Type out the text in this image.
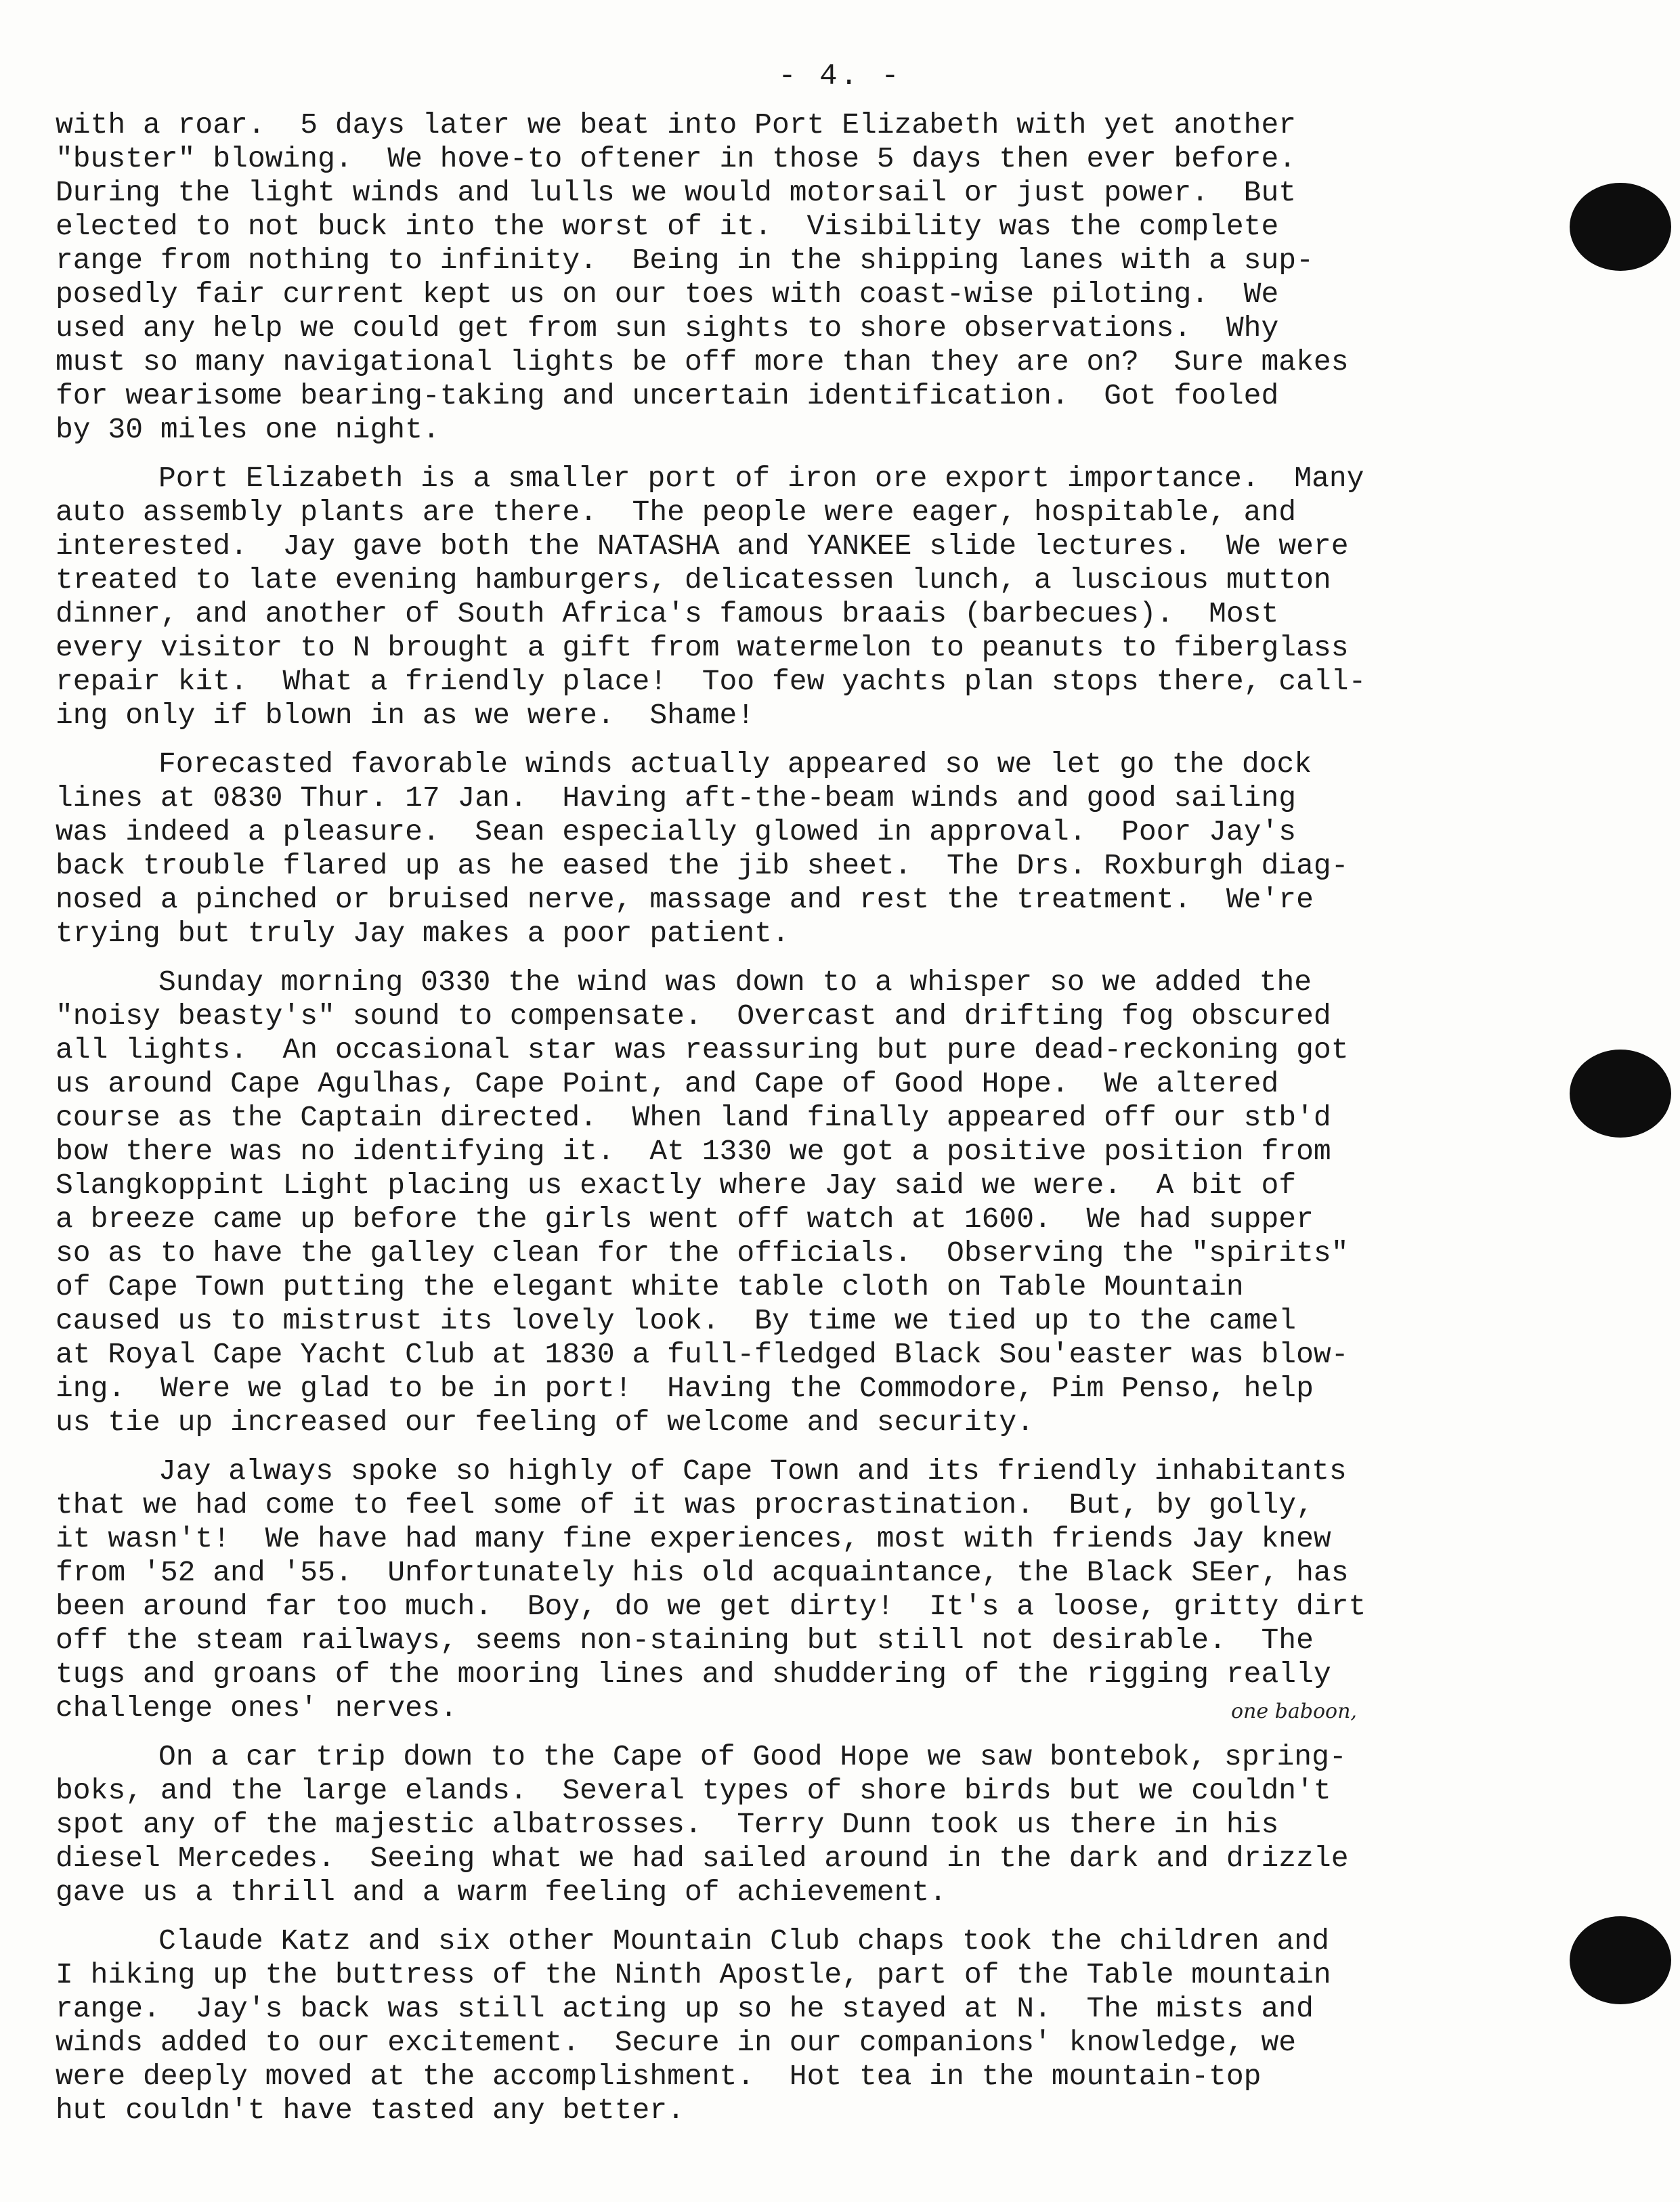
- 4. -
with a roar.  5 days later we beat into Port Elizabeth with yet another
"buster" blowing.  We hove-to oftener in those 5 days then ever before.
During the light winds and lulls we would motorsail or just power.  But
elected to not buck into the worst of it.  Visibility was the complete
range from nothing to infinity.  Being in the shipping lanes with a sup-
posedly fair current kept us on our toes with coast-wise piloting.  We
used any help we could get from sun sights to shore observations.  Why
must so many navigational lights be off more than they are on?  Sure makes
for wearisome bearing-taking and uncertain identification.  Got fooled
by 30 miles one night.
Port Elizabeth is a smaller port of iron ore export importance.  Many
auto assembly plants are there.  The people were eager, hospitable, and
interested.  Jay gave both the NATASHA and YANKEE slide lectures.  We were
treated to late evening hamburgers, delicatessen lunch, a luscious mutton
dinner, and another of South Africa's famous braais (barbecues).  Most
every visitor to N brought a gift from watermelon to peanuts to fiberglass
repair kit.  What a friendly place!  Too few yachts plan stops there, call-
ing only if blown in as we were.  Shame!
Forecasted favorable winds actually appeared so we let go the dock
lines at 0830 Thur. 17 Jan.  Having aft-the-beam winds and good sailing
was indeed a pleasure.  Sean especially glowed in approval.  Poor Jay's
back trouble flared up as he eased the jib sheet.  The Drs. Roxburgh diag-
nosed a pinched or bruised nerve, massage and rest the treatment.  We're
trying but truly Jay makes a poor patient.
Sunday morning 0330 the wind was down to a whisper so we added the
"noisy beasty's" sound to compensate.  Overcast and drifting fog obscured
all lights.  An occasional star was reassuring but pure dead-reckoning got
us around Cape Agulhas, Cape Point, and Cape of Good Hope.  We altered
course as the Captain directed.  When land finally appeared off our stb'd
bow there was no identifying it.  At 1330 we got a positive position from
Slangkoppint Light placing us exactly where Jay said we were.  A bit of
a breeze came up before the girls went off watch at 1600.  We had supper
so as to have the galley clean for the officials.  Observing the "spirits"
of Cape Town putting the elegant white table cloth on Table Mountain
caused us to mistrust its lovely look.  By time we tied up to the camel
at Royal Cape Yacht Club at 1830 a full-fledged Black Sou'easter was blow-
ing.  Were we glad to be in port!  Having the Commodore, Pim Penso, help
us tie up increased our feeling of welcome and security.
Jay always spoke so highly of Cape Town and its friendly inhabitants
that we had come to feel some of it was procrastination.  But, by golly,
it wasn't!  We have had many fine experiences, most with friends Jay knew
from '52 and '55.  Unfortunately his old acquaintance, the Black SEer, has
been around far too much.  Boy, do we get dirty!  It's a loose, gritty dirt
off the steam railways, seems non-staining but still not desirable.  The
tugs and groans of the mooring lines and shuddering of the rigging really
challenge ones' nerves.
On a car trip down to the Cape of Good Hope we saw bontebok, spring-
boks, and the large elands.  Several types of shore birds but we couldn't
spot any of the majestic albatrosses.  Terry Dunn took us there in his
diesel Mercedes.  Seeing what we had sailed around in the dark and drizzle
gave us a thrill and a warm feeling of achievement.
Claude Katz and six other Mountain Club chaps took the children and
I hiking up the buttress of the Ninth Apostle, part of the Table mountain
range.  Jay's back was still acting up so he stayed at N.  The mists and
winds added to our excitement.  Secure in our companions' knowledge, we
were deeply moved at the accomplishment.  Hot tea in the mountain-top
hut couldn't have tasted any better.
one baboon,
